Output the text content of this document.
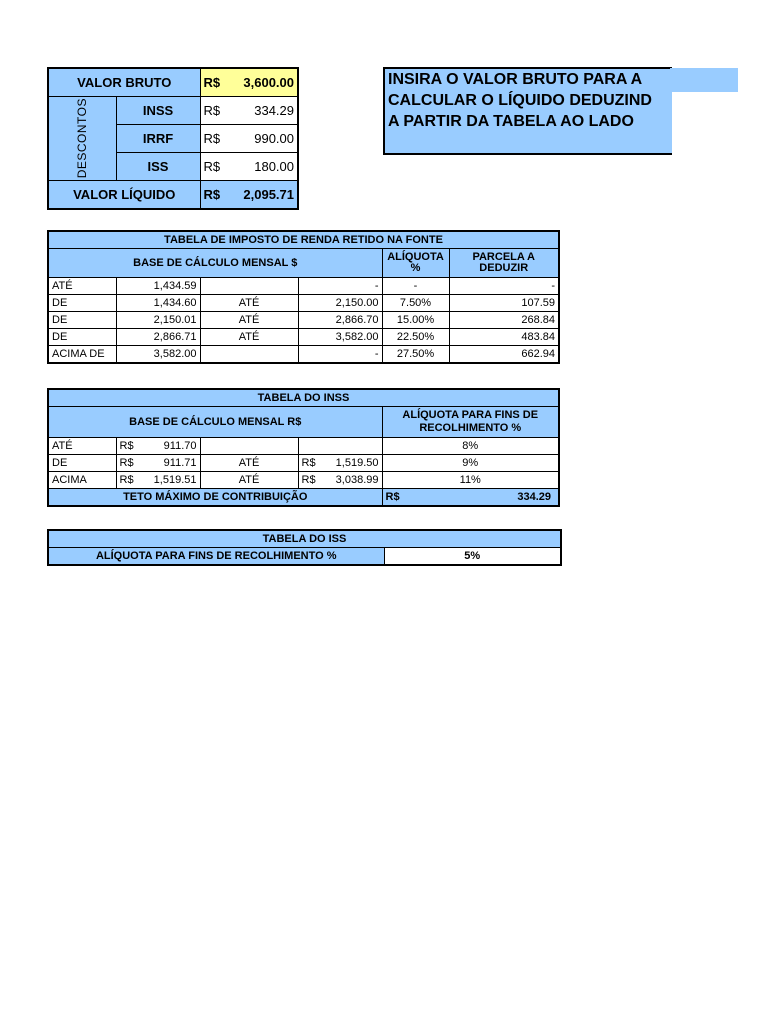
VALOR BRUTO		R$ 3,600.00

DESCONTOS	INSS	R$ 334.29

	IRRF	R$ 990.00

	ISS	R$ 180.00

VALOR LÍQUIDO		R$ 2,095.71
INSIRA O VALOR BRUTO PARA A
CALCULAR O LÍQUIDO DEDUZIND
A PARTIR DA TABELA AO LADO
TABELA DE IMPOSTO DE RENDA RETIDO NA FONTE					
BASE DE CÁLCULO MENSAL $				ALÍQUOTA %	PARCELA A DEDUZIR
ATÉ	1,434.59		-	-	-
DE	1,434.60	ATÉ	2,150.00	7.50%	107.59
DE	2,150.01	ATÉ	2,866.70	15.00%	268.84
DE	2,866.71	ATÉ	3,582.00	22.50%	483.84
ACIMA DE	3,582.00		-	27.50%	662.94
TABELA DO INSS				
BASE DE CÁLCULO MENSAL R$				ALÍQUOTA PARA FINS DE RECOLHIMENTO %
ATÉ	R$ 911.70			8%
DE	R$ 911.71	ATÉ	R$ 1,519.50	9%
ACIMA	R$ 1,519.51	ATÉ	R$ 3,038.99	11%
TETO MÁXIMO DE CONTRIBUIÇÃO				R$ 334.29
TABELA DO ISS
ALÍQUOTA PARA FINS DE RECOLHIMENTO %	5%
